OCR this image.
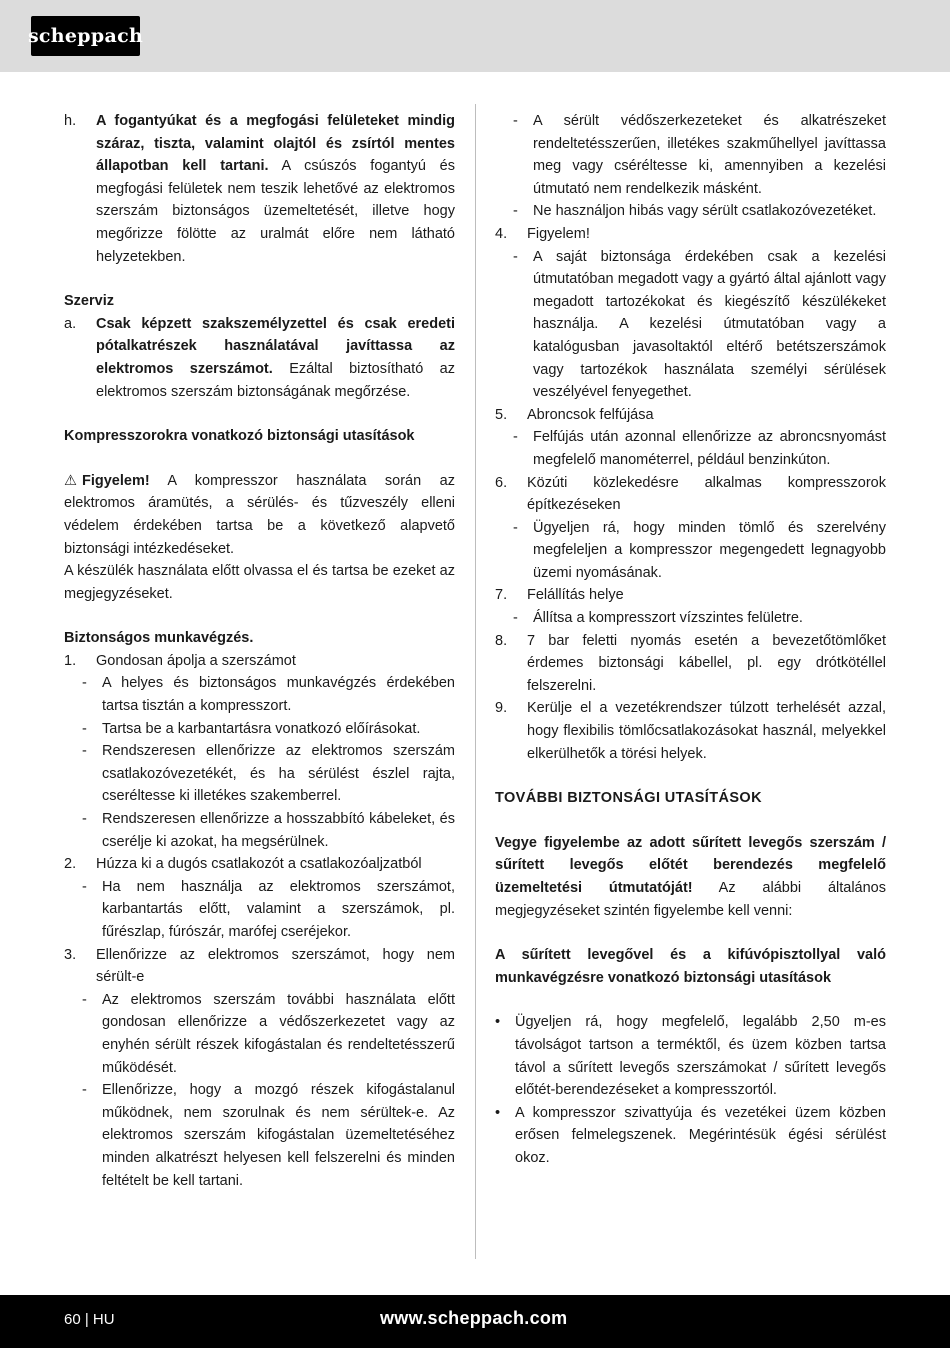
scheppach
h.	A fogantyúkat és a megfogási felületeket mindig száraz, tiszta, valamint olajtól és zsírtól mentes állapotban kell tartani. A csúszós fogantyú és megfogási felületek nem teszik lehetővé az elektromos szerszám biztonságos üzemeltetését, illetve hogy megőrizze fölötte az uralmát előre nem látható helyzetekben.
Szerviz
a.	Csak képzett szakszemélyzettel és csak eredeti pótalkatrészek használatával javíttassa az elektromos szerszámot. Ezáltal biztosítható az elektromos szerszám biztonságának megőrzése.
Kompresszorokra vonatkozó biztonsági utasítások
⚠ Figyelem! A kompresszor használata során az elektromos áramütés, a sérülés- és tűzveszély elleni védelem érdekében tartsa be a következő alapvető biztonsági intézkedéseket.
A készülék használata előtt olvassa el és tartsa be ezeket az megjegyzéseket.
Biztonságos munkavégzés.
1.	Gondosan ápolja a szerszámot
-	A helyes és biztonságos munkavégzés érdekében tartsa tisztán a kompresszort.
-	Tartsa be a karbantartásra vonatkozó előírásokat.
-	Rendszeresen ellenőrizze az elektromos szerszám csatlakozóvezetékét, és ha sérülést észlel rajta, cseréltesse ki illetékes szakemberrel.
-	Rendszeresen ellenőrizze a hosszabbító kábeleket, és cserélje ki azokat, ha megsérülnek.
2.	Húzza ki a dugós csatlakozót a csatlakozóaljzatból
-	Ha nem használja az elektromos szerszámot, karbantartás előtt, valamint a szerszámok, pl. fűrészlap, fúrószár, marófej cseréjekor.
3.	Ellenőrizze az elektromos szerszámot, hogy nem sérült-e
-	Az elektromos szerszám további használata előtt gondosan ellenőrizze a védőszerkezetet vagy az enyhén sérült részek kifogástalan és rendeltetésszerű működését.
-	Ellenőrizze, hogy a mozgó részek kifogástalanul működnek, nem szorulnak és nem sérültek-e. Az elektromos szerszám kifogástalan üzemeltetéséhez minden alkatrészt helyesen kell felszerelni és minden feltételt be kell tartani.
-	A sérült védőszerkezeteket és alkatrészeket rendeltetésszerűen, illetékes szakműhellyel javíttassa meg vagy cséréltesse ki, amennyiben a kezelési útmutató nem rendelkezik másként.
-	Ne használjon hibás vagy sérült csatlakozóvezetéket.
4.	Figyelem!
-	A saját biztonsága érdekében csak a kezelési útmutatóban megadott vagy a gyártó által ajánlott vagy megadott tartozékokat és kiegészítő készülékeket használja. A kezelési útmutatóban vagy a katalógusban javasoltaktól eltérő betétszerszámok vagy tartozékok használata személyi sérülések veszélyével fenyegethet.
5.	Abroncsok felfújása
-	Felfújás után azonnal ellenőrizze az abroncsnyomást megfelelő manométerrel, például benzinkúton.
6.	Közúti közlekedésre alkalmas kompresszorok építkezéseken
-	Ügyeljen rá, hogy minden tömlő és szerelvény megfeleljen a kompresszor megengedett legnagyobb üzemi nyomásának.
7.	Felállítás helye
-	Állítsa a kompresszort vízszintes felületre.
8.	7 bar feletti nyomás esetén a bevezetőtömlőket érdemes biztonsági kábellel, pl. egy drótkötéllel felszerelni.
9.	Kerülje el a vezetékrendszer túlzott terhelését azzal, hogy flexibilis tömlőcsatlakozásokat használ, melyekkel elkerülhetők a törési helyek.
TOVÁBBI BIZTONSÁGI UTASÍTÁSOK
Vegye figyelembe az adott sűrített levegős szerszám / sűrített levegős előtét berendezés megfelelő üzemeltetési útmutatóját! Az alábbi általános megjegyzéseket szintén figyelembe kell venni:
A sűrített levegővel és a kifúvópisztollyal való munkavégzésre vonatkozó biztonsági utasítások
•	Ügyeljen rá, hogy megfelelő, legalább 2,50 m-es távolságot tartson a terméktől, és üzem közben tartsa távol a sűrített levegős szerszámokat / sűrített levegős előtét-berendezéseket a kompresszortól.
•	A kompresszor szivattyúja és vezetékei üzem közben erősen felmelegszenek. Megérintésük égési sérülést okoz.
60 | HU	www.scheppach.com
